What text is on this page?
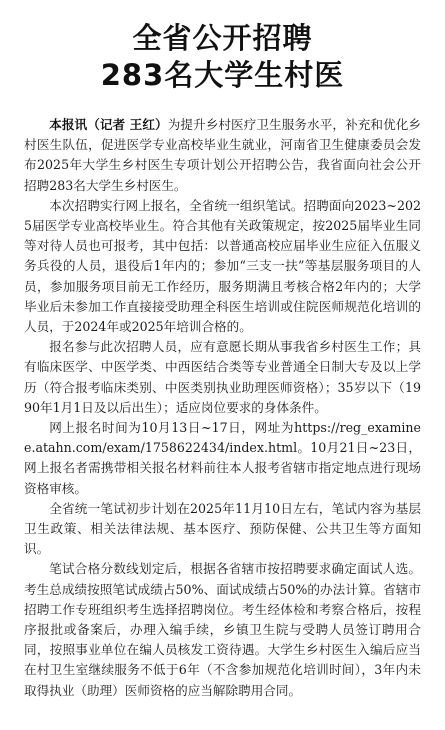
全省公开招聘
283名大学生村医

本报讯（记者 王红）为提升乡村医疗卫生服务水平，补充和优化乡村医生队伍，促进医学专业高校毕业生就业，河南省卫生健康委员会发布2025年大学生乡村医生专项计划公开招聘公告，我省面向社会公开招聘283名大学生乡村医生。

本次招聘实行网上报名，全省统一组织笔试。招聘面向2023~2025届医学专业高校毕业生。符合其他有关政策规定，按2025届毕业生同等对待人员也可报考，其中包括：以普通高校应届毕业生应征入伍服义务兵役的人员，退役后1年内的；参加“三支一扶”等基层服务项目的人员，参加服务项目前无工作经历，服务期满且考核合格2年内的；大学毕业后未参加工作直接接受助理全科医生培训或住院医师规范化培训的人员，于2024年或2025年培训合格的。

报名参与此次招聘人员，应有意愿长期从事我省乡村医生工作；具有临床医学、中医学类、中西医结合类等专业普通全日制大专及以上学历（符合报考临床类别、中医类别执业助理医师资格）；35岁以下（1990年1月1日及以后出生）；适应岗位要求的身体条件。

网上报名时间为10月13日~17日，网址为https://reg_examinee.atahn.com/exam/1758622434/index.html。10月21日~23日，网上报名者需携带相关报名材料前往本人报考省辖市指定地点进行现场资格审核。

全省统一笔试初步计划在2025年11月10日左右，笔试内容为基层卫生政策、相关法律法规、基本医疗、预防保健、公共卫生等方面知识。

笔试合格分数线划定后，根据各省辖市按招聘要求确定面试人选。考生总成绩按照笔试成绩占50%、面试成绩占50%的办法计算。省辖市招聘工作专班组织考生选择招聘岗位。考生经体检和考察合格后，按程序报批或备案后，办理入编手续，乡镇卫生院与受聘人员签订聘用合同，按照事业单位在编人员核发工资待遇。大学生乡村医生入编后应当在村卫生室继续服务不低于6年（不含参加规范化培训时间），3年内未取得执业（助理）医师资格的应当解除聘用合同。
